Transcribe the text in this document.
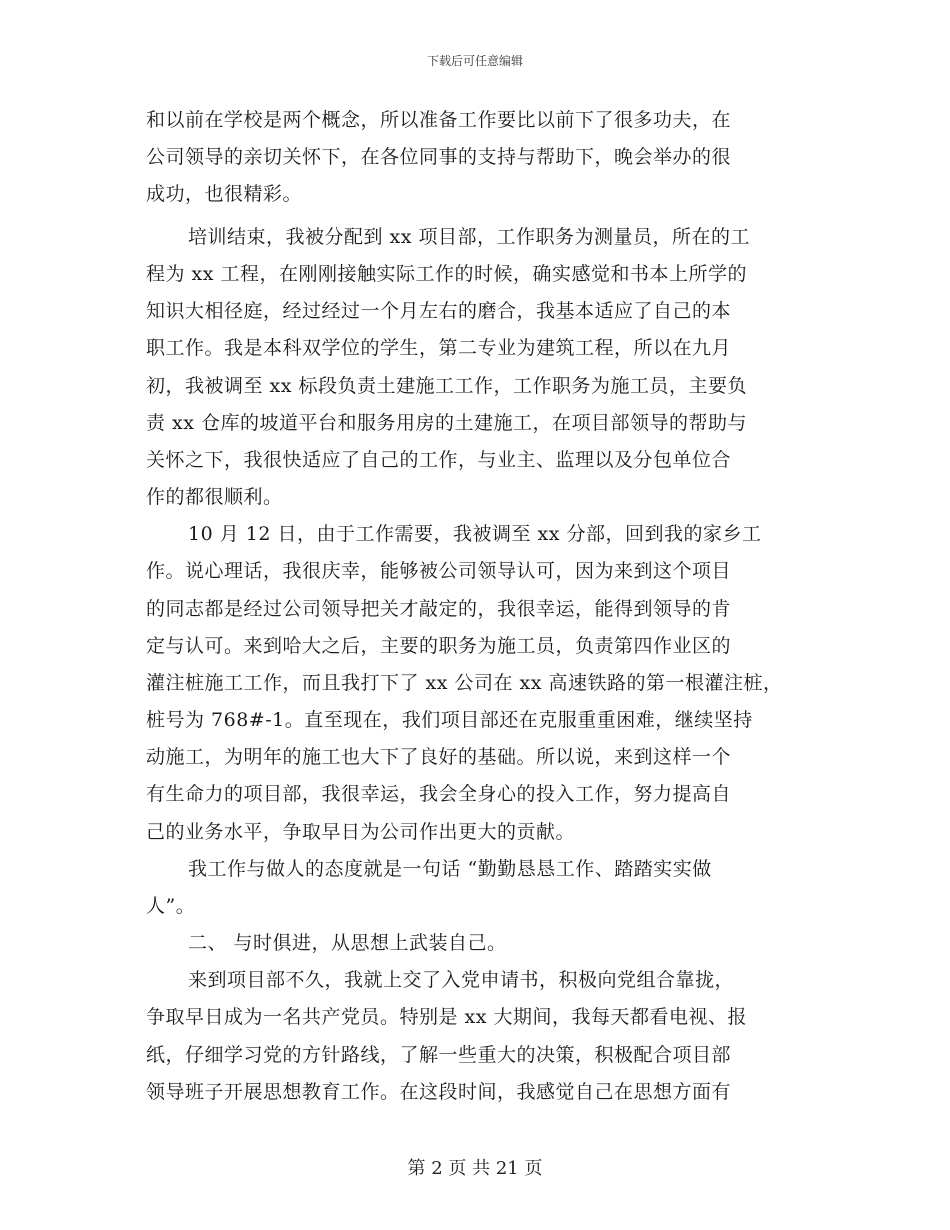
下载后可任意编辑
和以前在学校是两个概念，所以准备工作要比以前下了很多功夫，在
公司领导的亲切关怀下，在各位同事的支持与帮助下，晚会举办的很
成功，也很精彩。
培训结束，我被分配到 xx 项目部，工作职务为测量员，所在的工
程为 xx 工程，在刚刚接触实际工作的时候，确实感觉和书本上所学的
知识大相径庭，经过经过一个月左右的磨合，我基本适应了自己的本
职工作。我是本科双学位的学生，第二专业为建筑工程，所以在九月
初，我被调至 xx 标段负责土建施工工作，工作职务为施工员，主要负
责 xx 仓库的坡道平台和服务用房的土建施工，在项目部领导的帮助与
关怀之下，我很快适应了自己的工作，与业主、监理以及分包单位合
作的都很顺利。
10 月 12 日，由于工作需要，我被调至 xx 分部，回到我的家乡工
作。说心理话，我很庆幸，能够被公司领导认可，因为来到这个项目
的同志都是经过公司领导把关才敲定的，我很幸运，能得到领导的肯
定与认可。来到哈大之后，主要的职务为施工员，负责第四作业区的
灌注桩施工工作，而且我打下了 xx 公司在 xx 高速铁路的第一根灌注桩，
桩号为 768#-1。直至现在，我们项目部还在克服重重困难，继续坚持
动施工，为明年的施工也大下了良好的基础。所以说，来到这样一个
有生命力的项目部，我很幸运，我会全身心的投入工作，努力提高自
己的业务水平，争取早日为公司作出更大的贡献。
我工作与做人的态度就是一句话 “勤勤恳恳工作、踏踏实实做
人”。
二、 与时俱进，从思想上武装自己。
来到项目部不久，我就上交了入党申请书，积极向党组合靠拢，
争取早日成为一名共产党员。特别是 xx 大期间，我每天都看电视、报
纸，仔细学习党的方针路线，了解一些重大的决策，积极配合项目部
领导班子开展思想教育工作。在这段时间，我感觉自己在思想方面有
第 2 页 共 21 页
